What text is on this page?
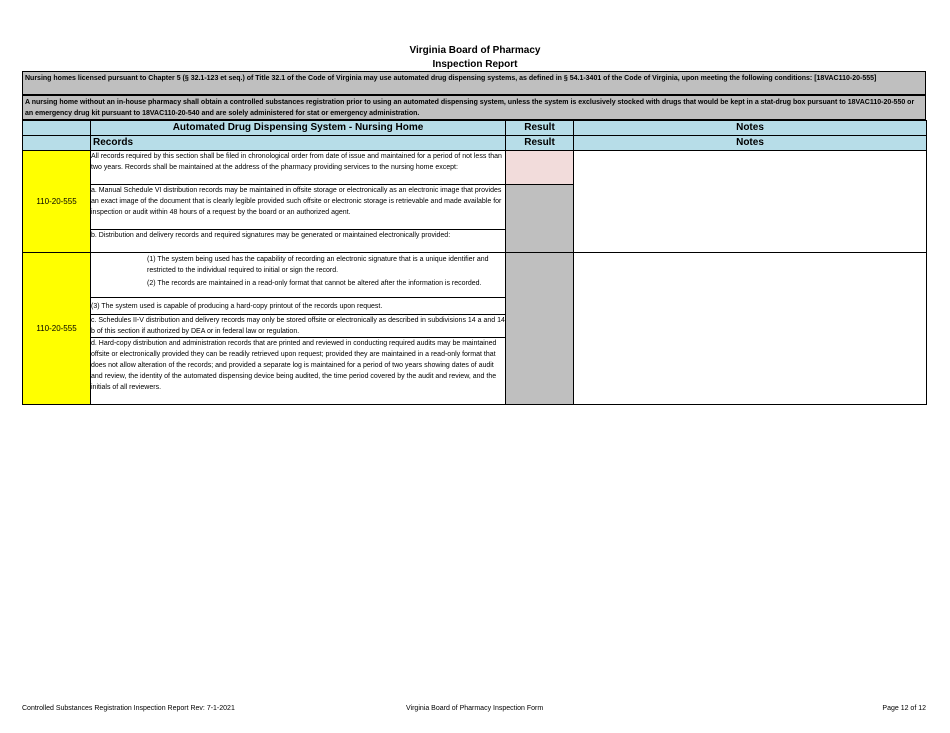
Virginia Board of Pharmacy
Inspection Report
Nursing homes licensed pursuant to Chapter 5 (§ 32.1-123 et seq.) of Title 32.1 of the Code of Virginia may use automated drug dispensing systems, as defined in § 54.1-3401 of the Code of Virginia, upon meeting the following conditions: [18VAC110-20-555]
A nursing home without an in-house pharmacy shall obtain a controlled substances registration prior to using an automated dispensing system, unless the system is exclusively stocked with drugs that would be kept in a stat-drug box pursuant to 18VAC110-20-550 or an emergency drug kit pursuant to 18VAC110-20-540 and are solely administered for stat or emergency administration.
	Automated Drug Dispensing System - Nursing Home	Result	Notes
	Records	Result	Notes
110-20-555	All records required by this section shall be filed in chronological order from date of issue and maintained for a period of not less than two years. Records shall be maintained at the address of the pharmacy providing services to the nursing home except:		
	a. Manual Schedule VI distribution records may be maintained in offsite storage or electronically as an electronic image that provides an exact image of the document that is clearly legible provided such offsite or electronic storage is retrievable and made available for inspection or audit within 48 hours of a request by the board or an authorized agent.		
	b. Distribution and delivery records and required signatures may be generated or maintained electronically provided:		
110-20-555	(1) The system being used has the capability of recording an electronic signature that is a unique identifier and restricted to the individual required to initial or sign the record.
(2) The records are maintained in a read-only format that cannot be altered after the information is recorded.		

	(3) The system used is capable of producing a hard-copy printout of the records upon request.		
	c. Schedules II-V distribution and delivery records may only be stored offsite or electronically as described in subdivisions 14 a and 14 b of this section if authorized by DEA or in federal law or regulation.		
	d. Hard-copy distribution and administration records that are printed and reviewed in conducting required audits may be maintained offsite or electronically provided they can be readily retrieved upon request; provided they are maintained in a read-only format that does not allow alteration of the records; and provided a separate log is maintained for a period of two years showing dates of audit and review, the identity of the automated dispensing device being audited, the time period covered by the audit and review, and the initials of all reviewers.		
Controlled Substances Registration Inspection Report Rev: 7-1-2021	Virginia Board of Pharmacy Inspection Form	Page 12 of 12
